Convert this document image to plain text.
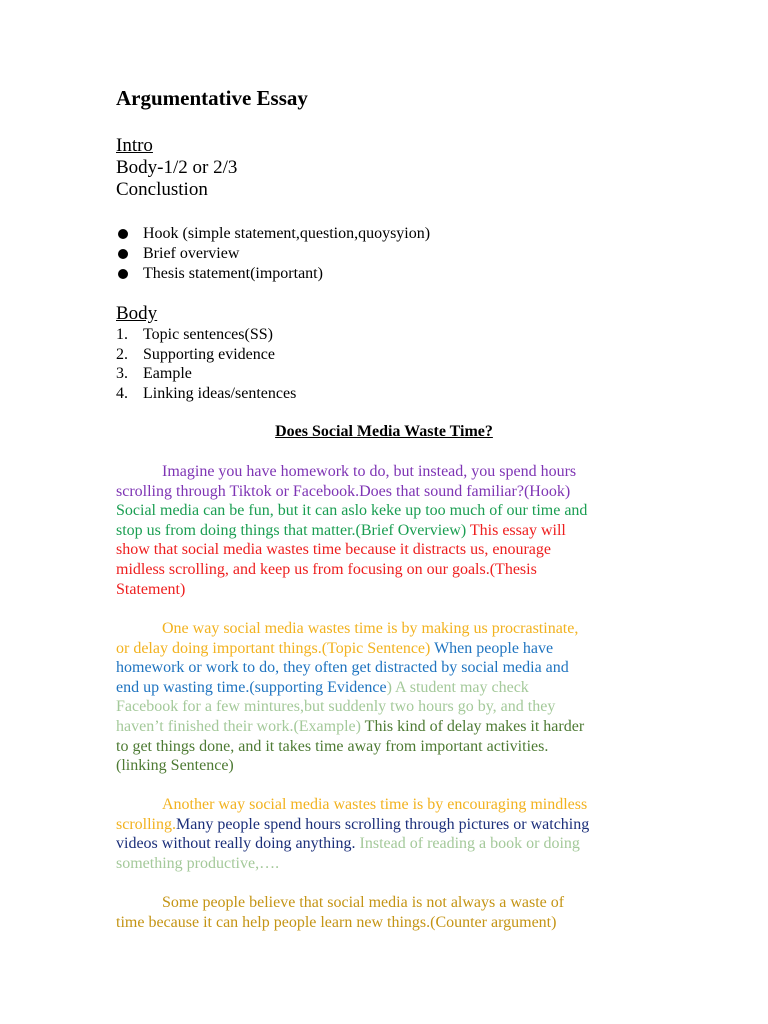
Argumentative Essay
Intro
Body-1/2 or 2/3
Conclustion
Hook (simple statement,question,quoysyion)
Brief overview
Thesis statement(important)
Body
1. Topic sentences(SS)
2. Supporting evidence
3. Eample
4. Linking ideas/sentences
Does Social Media Waste Time?

Imagine you have homework to do, but instead, you spend hours
scrolling through Tiktok or Facebook.Does that sound familiar?(Hook)
Social media can be fun, but it can aslo keke up too much of our time and
stop us from doing things that matter.(Brief Overview) This essay will
show that social media wastes time because it distracts us, enourage
midless scrolling, and keep us from focusing on our goals.(Thesis
Statement)

One way social media wastes time is by making us procrastinate,
or delay doing important things.(Topic Sentence) When people have
homework or work to do, they often get distracted by social media and
end up wasting time.(supporting Evidence) A student may check
Facebook for a few mintures,but suddenly two hours go by, and they
haven’t finished their work.(Example) This kind of delay makes it harder
to get things done, and it takes time away from important activities.
(linking Sentence)

Another way social media wastes time is by encouraging mindless
scrolling.Many people spend hours scrolling through pictures or watching
videos without really doing anything. Instead of reading a book or doing
something productive,….

Some people believe that social media is not always a waste of
time because it can help people learn new things.(Counter argument)
